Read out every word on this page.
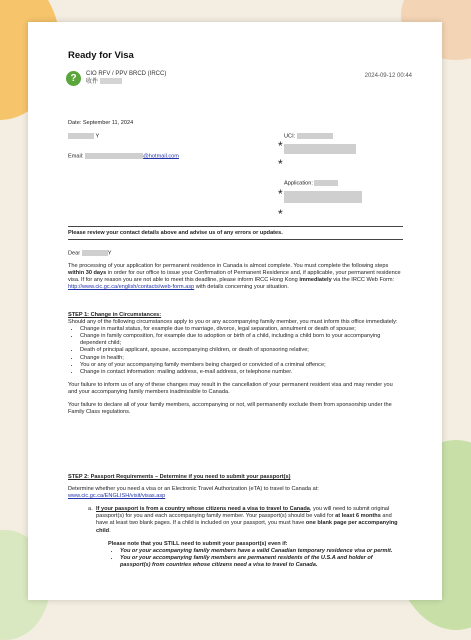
Ready for Visa
?	CIO RFV / PPV BRCD (IRCC)
收件
2024-09-12 00:44
Date: September 11, 2024
Y	UCI:
*
*
Email:	@hotmail.com
Application:
*
*
Please review your contact details above and advise us of any errors or updates.
Dear	Y
The processing of your application for permanent residence in Canada is almost complete. You must complete the following steps within 30 days in order for our office to issue your Confirmation of Permanent Residence and, if applicable, your permanent residence visa. If for any reason you are not able to meet this deadline, please inform IRCC Hong Kong immediately via the IRCC Web Form: http://www.cic.gc.ca/english/contacts/web-form.asp with details concerning your situation.
STEP 1: Change in Circumstances:
Should any of the following circumstances apply to you or any accompanying family member, you must inform this office immediately:
• Change in marital status, for example due to marriage, divorce, legal separation, annulment or death of spouse;
• Change in family composition, for example due to adoption or birth of a child, including a child born to your accompanying dependent child;
• Death of principal applicant, spouse, accompanying children, or death of sponsoring relative;
• Change in health;
• You or any of your accompanying family members being charged or convicted of a criminal offence;
• Change in contact information: mailing address, e-mail address, or telephone number.
Your failure to inform us of any of these changes may result in the cancellation of your permanent resident visa and may render you and your accompanying family members inadmissible to Canada.
Your failure to declare all of your family members, accompanying or not, will permanently exclude them from sponsorship under the Family Class regulations.
STEP 2: Passport Requirements – Determine if you need to submit your passport(s)
Determine whether you need a visa or an Electronic Travel Authorization (eTA) to travel to Canada at:
www.cic.gc.ca/ENGLISH/visit/visas.asp
a. If your passport is from a country whose citizens need a visa to travel to Canada, you will need to submit original passport(s) for you and each accompanying family member. Your passport(s) should be valid for at least 6 months and have at least two blank pages. If a child is included on your passport, you must have one blank page per accompanying child.
Please note that you STILL need to submit your passport(s) even if:
• You or your accompanying family members have a valid Canadian temporary residence visa or permit.
• You or your accompanying family members are permanent residents of the U.S.A and holder of passport(s) from countries whose citizens need a visa to travel to Canada.
